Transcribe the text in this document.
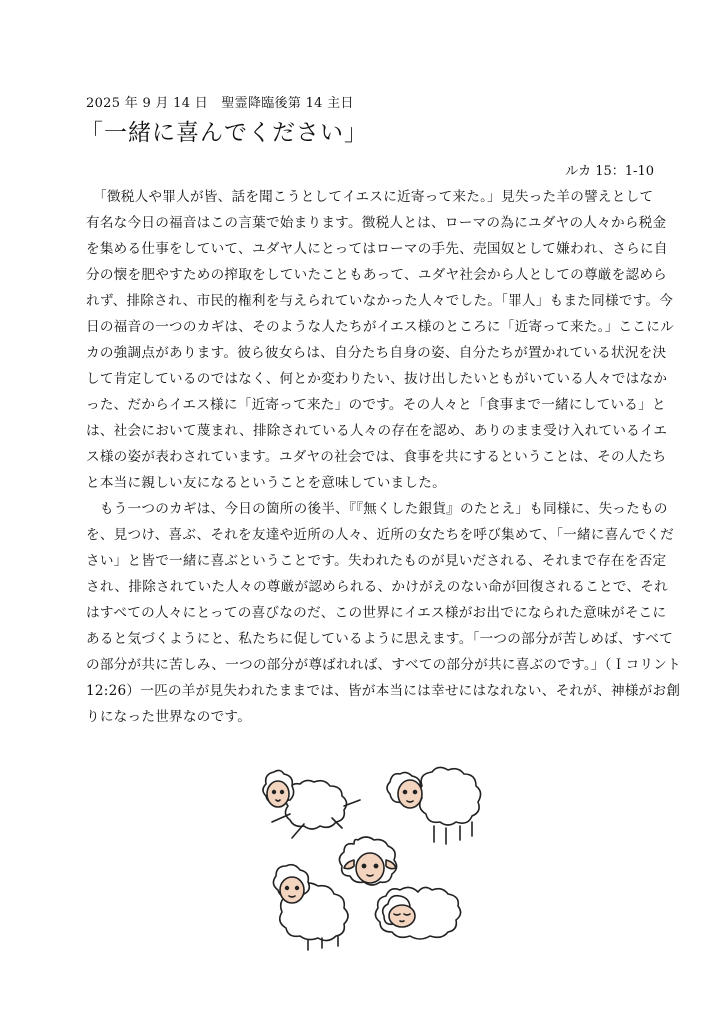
2025 年 9 月 14 日　聖霊降臨後第 14 主日
「一緒に喜んでください」
ルカ 15：1-10
　「徴税人や罪人が皆、話を聞こうとしてイエスに近寄って来た。」見失った羊の譬えとして
有名な今日の福音はこの言葉で始まります。徴税人とは、ローマの為にユダヤの人々から税金
を集める仕事をしていて、ユダヤ人にとってはローマの手先、売国奴として嫌われ、さらに自
分の懐を肥やすための搾取をしていたこともあって、ユダヤ社会から人としての尊厳を認めら
れず、排除され、市民的権利を与えられていなかった人々でした。「罪人」もまた同様です。今
日の福音の一つのカギは、そのような人たちがイエス様のところに「近寄って来た。」ここにル
カの強調点があります。彼ら彼女らは、自分たち自身の姿、自分たちが置かれている状況を決
して肯定しているのではなく、何とか変わりたい、抜け出したいともがいている人々ではなか
った、だからイエス様に「近寄って来た」のです。その人々と「食事まで一緒にしている」と
は、社会において蔑まれ、排除されている人々の存在を認め、ありのまま受け入れているイエ
ス様の姿が表わされています。ユダヤの社会では、食事を共にするということは、その人たち
と本当に親しい友になるということを意味していました。
　もう一つのカギは、今日の箇所の後半、『『無くした銀貨』のたとえ」も同様に、失ったもの
を、見つけ、喜ぶ、それを友達や近所の人々、近所の女たちを呼び集めて、「一緒に喜んでくだ
さい」と皆で一緒に喜ぶということです。失われたものが見いだされる、それまで存在を否定
され、排除されていた人々の尊厳が認められる、かけがえのない命が回復されることで、それ
はすべての人々にとっての喜びなのだ、この世界にイエス様がお出でになられた意味がそこに
あると気づくようにと、私たちに促しているように思えます。「一つの部分が苦しめば、すべて
の部分が共に苦しみ、一つの部分が尊ばれれば、すべての部分が共に喜ぶのです。」（Ｉコリント
12:26）一匹の羊が見失われたままでは、皆が本当には幸せにはなれない、それが、神様がお創
りになった世界なのです。
